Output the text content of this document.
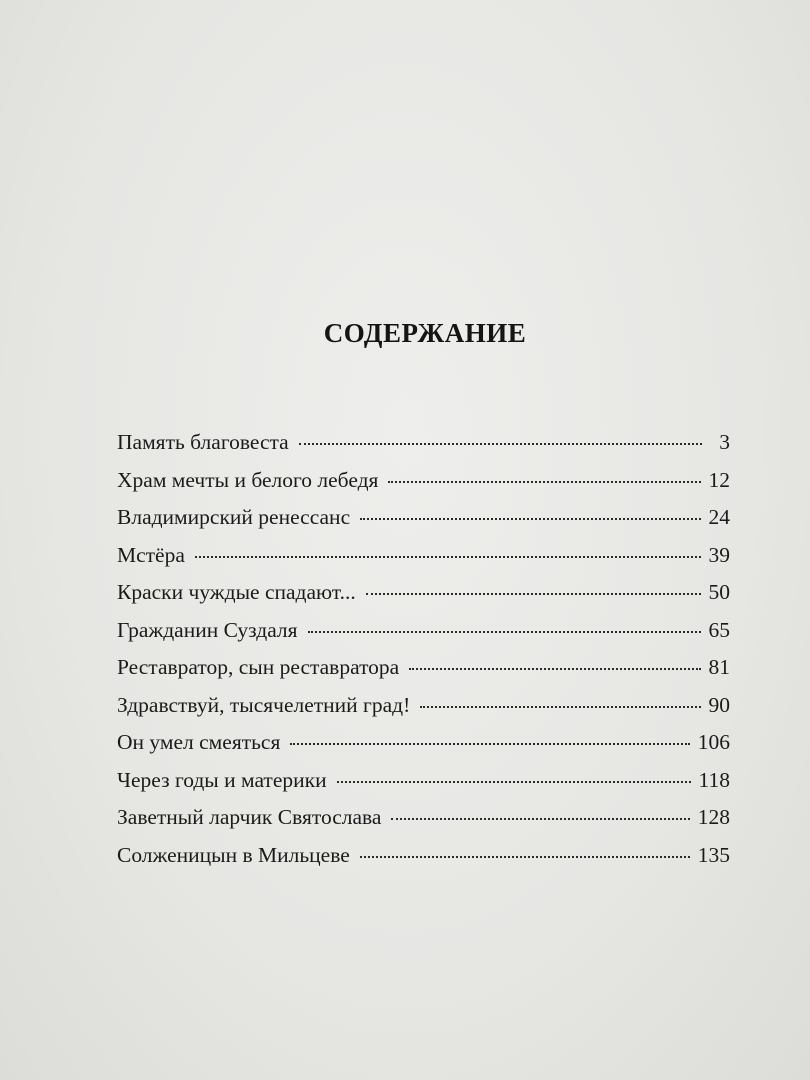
СОДЕРЖАНИЕ
Память благовеста	3
Храм мечты и белого лебедя	12
Владимирский ренессанс	24
Мстёра	39
Краски чуждые спадают...	50
Гражданин Суздаля	65
Реставратор, сын реставратора	81
Здравствуй, тысячелетний град!	90
Он умел смеяться	106
Через годы и материки	118
Заветный ларчик Святослава	128
Солженицын в Мильцеве	135
